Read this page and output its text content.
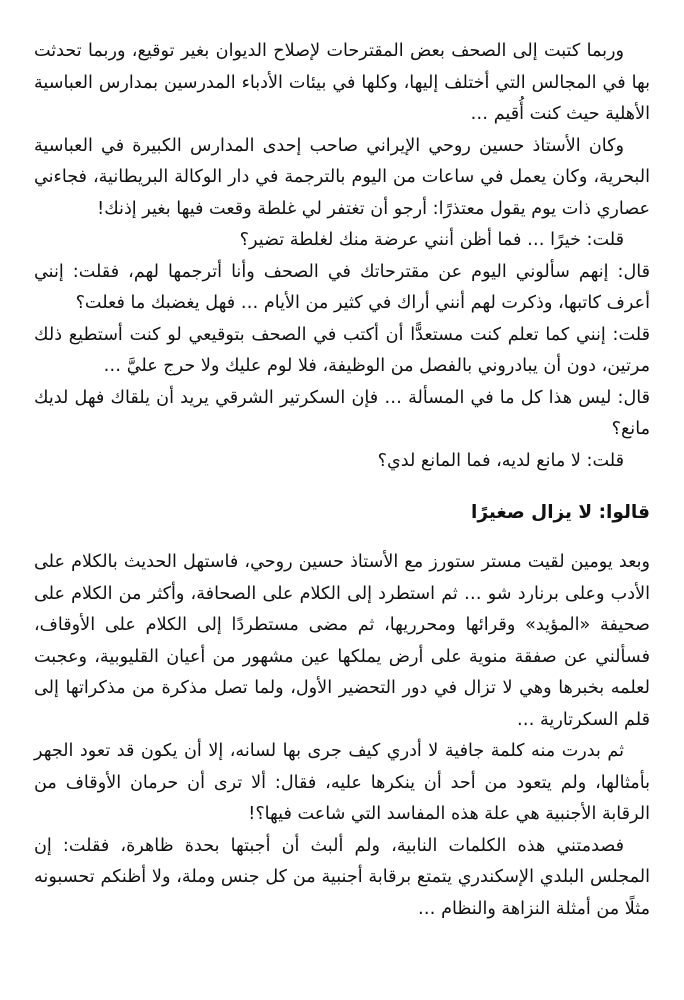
وربما كتبت إلى الصحف بعض المقترحات لإصلاح الديوان بغير توقيع، وربما تحدثت بها في المجالس التي أختلف إليها، وكلها في بيئات الأدباء المدرسين بمدارس العباسية الأهلية حيث كنت أُقيم …

وكان الأستاذ حسين روحي الإيراني صاحب إحدى المدارس الكبيرة في العباسية البحرية، وكان يعمل في ساعات من اليوم بالترجمة في دار الوكالة البريطانية، فجاءني عصاري ذات يوم يقول معتذرًا: أرجو أن تغتفر لي غلطة وقعت فيها بغير إذنك!

قلت: خيرًا … فما أظن أنني عرضة منك لغلطة تضير؟

قال: إنهم سألوني اليوم عن مقترحاتك في الصحف وأنا أترجمها لهم، فقلت: إنني أعرف كاتبها، وذكرت لهم أنني أراك في كثير من الأيام … فهل يغضبك ما فعلت؟

قلت: إنني كما تعلم كنت مستعدًّا أن أكتب في الصحف بتوقيعي لو كنت أستطيع ذلك مرتين، دون أن يبادروني بالفصل من الوظيفة، فلا لوم عليك ولا حرج عليَّ …

قال: ليس هذا كل ما في المسألة … فإن السكرتير الشرقي يريد أن يلقاك فهل لديك مانع؟

قلت: لا مانع لديه، فما المانع لدي؟

قالوا: لا يزال صغيرًا

وبعد يومين لقيت مستر ستورز مع الأستاذ حسين روحي، فاستهل الحديث بالكلام على الأدب وعلى برنارد شو … ثم استطرد إلى الكلام على الصحافة، وأكثر من الكلام على صحيفة «المؤيد» وقرائها ومحرريها، ثم مضى مستطردًا إلى الكلام على الأوقاف، فسألني عن صفقة منوية على أرض يملكها عين مشهور من أعيان القليوبية، وعجبت لعلمه بخبرها وهي لا تزال في دور التحضير الأول، ولما تصل مذكرة من مذكراتها إلى قلم السكرتارية …

ثم بدرت منه كلمة جافية لا أدري كيف جرى بها لسانه، إلا أن يكون قد تعود الجهر بأمثالها، ولم يتعود من أحد أن ينكرها عليه، فقال: ألا ترى أن حرمان الأوقاف من الرقابة الأجنبية هي علة هذه المفاسد التي شاعت فيها؟!

فصدمتني هذه الكلمات النابية، ولم ألبث أن أجبتها بحدة ظاهرة، فقلت: إن المجلس البلدي الإسكندري يتمتع برقابة أجنبية من كل جنس وملة، ولا أظنكم تحسبونه مثلًا من أمثلة النزاهة والنظام …
